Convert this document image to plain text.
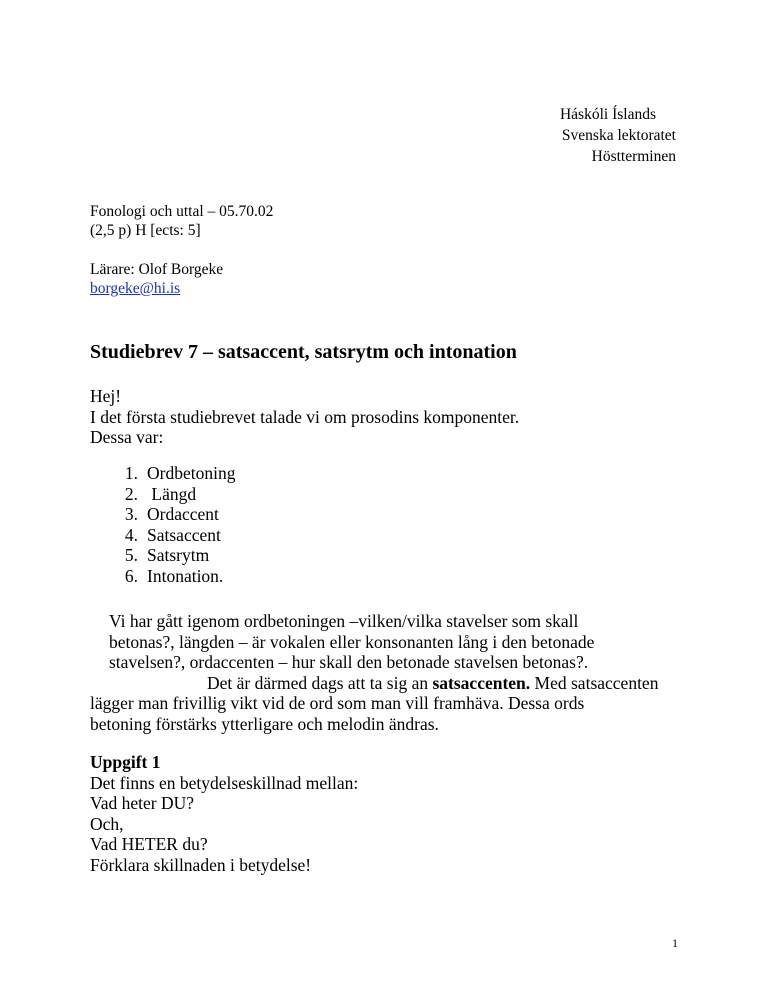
Háskóli Íslands
Svenska lektoratet
Höstterminen
Fonologi och uttal – 05.70.02
(2,5 p) H [ects: 5]
Lärare: Olof Borgeke
borgeke@hi.is
Studiebrev 7 – satsaccent, satsrytm och intonation
Hej!
I det första studiebrevet talade vi om prosodins komponenter.
Dessa var:
1. Ordbetoning
2. Längd
3. Ordaccent
4. Satsaccent
5. Satsrytm
6. Intonation.
Vi har gått igenom ordbetoningen –vilken/vilka stavelser som skall
betonas?, längden – är vokalen eller konsonanten lång i den betonade
stavelsen?, ordaccenten – hur skall den betonade stavelsen betonas?.
Det är därmed dags att ta sig an satsaccenten. Med satsaccenten
lägger man frivillig vikt vid de ord som man vill framhäva. Dessa ords
betoning förstärks ytterligare och melodin ändras.
Uppgift 1
Det finns en betydelseskillnad mellan:
Vad heter DU?
Och,
Vad HETER du?
Förklara skillnaden i betydelse!
1
